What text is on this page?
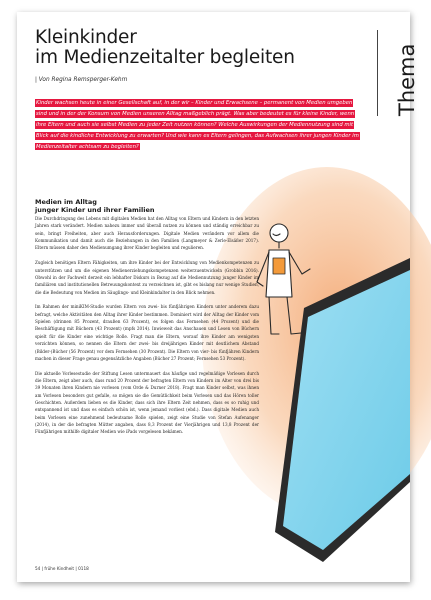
Kleinkinder
im Medienzeitalter begleiten
| Von Regina Remsperger-Kehm	Thema

Kinder wachsen heute in einer Gesellschaft auf, in der wir – Kinder und Erwachsene – permanent von Medien umgeben sind und in der der Konsum von Medien unseren Alltag maßgeblich prägt. Was aber bedeutet es für kleine Kinder, wenn ihre Eltern und auch sie selbst Medien zu jeder Zeit nutzen können? Welche Auswirkungen der Mediennutzung sind mit Blick auf die kindliche Entwicklung zu erwarten? Und wie kann es Eltern gelingen, das Aufwachsen ihrer jungen Kinder im Medienzeitalter achtsam zu begleiten?

Medien im Alltag
junger Kinder und ihrer Familien

Die Durchdringung des Lebens mit digitalen Medien hat den Alltag von Eltern und Kindern in den letzten Jahren stark verändert. Medien nahezu immer und überall nutzen zu können und ständig erreichbar zu sein, bringt Freiheiten, aber auch Herausforderungen. Digitale Medien verändern vor allem die Kommunikation und damit auch die Beziehungen in den Familien (Langmeyer & Zerle-Elsäßer 2017). Eltern müssen daher den Medienumgang ihrer Kinder begleiten und regulieren.

Zugleich benötigen Eltern Fähigkeiten, um ihre Kinder bei der Entwicklung von Medienkompetenzen zu unterstützen und um die eigenen Medienerziehungskompetenzen weiterzuentwickeln (Grobbin 2016). Obwohl in der Fachwelt derzeit ein lebhafter Diskurs in Bezug auf die Mediennutzung junger Kinder im familiären und institutionellen Betreuungskontext zu verzeichnen ist, gibt es bislang nur wenige Studien, die die Bedeutung von Medien im Säuglings- und Kleinkindalter in den Blick nehmen.

Im Rahmen der miniKIM-Studie wurden Eltern von zwei- bis fünfjährigen Kindern unter anderem dazu befragt, welche Aktivitäten den Alltag ihrer Kinder bestimmen. Dominiert wird der Alltag der Kinder vom Spielen (drinnen 85 Prozent, draußen 63 Prozent), es folgen das Fernsehen (44 Prozent) und die Beschäftigung mit Büchern (43 Prozent) (mpfs 2014). Inwieweit das Anschauen und Lesen von Büchern spielt für die Kinder eine wichtige Rolle. Fragt man die Eltern, worauf ihre Kinder am wenigsten verzichten können, so nennen die Eltern der zwei- bis dreijährigen Kinder mit deutlichem Abstand (Bilder-)Bücher (56 Prozent) vor dem Fernsehen (30 Prozent). Die Eltern von vier- bis fünfjähren Kindern machen in dieser Frage genau gegensätzliche Angaben (Bücher 27 Prozent; Fernsehen 53 Prozent).

Die aktuelle Vorlesestudie der Stiftung Lesen untermauert das häufige und regelmäßige Vorlesen durch die Eltern, zeigt aber auch, dass rund 20 Prozent der befragten Eltern von Kindern im Alter von drei bis 39 Monaten ihren Kindern nie vorlesen (vom Orde & Durner 2018). Fragt man Kinder selbst, was ihnen am Vorlesen besonders gut gefalle, so mögen sie die Gemütlichkeit beim Vorlesen und das Hören toller Geschichten. Außerdem lieben es die Kinder, dass sich ihre Eltern Zeit nehmen, dass es so ruhig und entspannend ist und dass es einfach schön ist, wenn jemand vorliest (ebd.). Dass digitale Medien auch beim Vorlesen eine zunehmend bedeutsame Rolle spielen, zeigt eine Studie von Stefan Aufenanger (2014), in der die befragten Mütter angaben, dass 8,3 Prozent der Vierjährigen und 13,8 Prozent der Fünfjährigen mithilfe digitaler Medien wie iPads vorgelesen bekämen.

54 | frühe Kindheit | 0118
